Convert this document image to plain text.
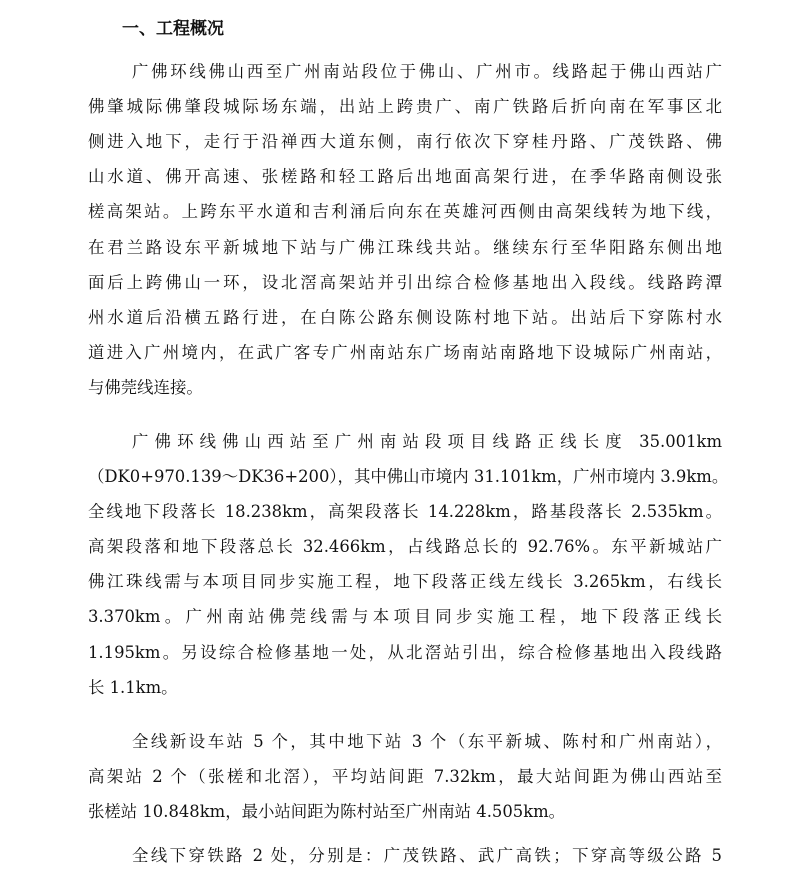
一、工程概况
广佛环线佛山西至广州南站段位于佛山、广州市。线路起于佛山西站广
佛肇城际佛肇段城际场东端，出站上跨贵广、南广铁路后折向南在军事区北
侧进入地下，走行于沿禅西大道东侧，南行依次下穿桂丹路、广茂铁路、佛
山水道、佛开高速、张槎路和轻工路后出地面高架行进，在季华路南侧设张
槎高架站。上跨东平水道和吉利涌后向东在英雄河西侧由高架线转为地下线，
在君兰路设东平新城地下站与广佛江珠线共站。继续东行至华阳路东侧出地
面后上跨佛山一环，设北滘高架站并引出综合检修基地出入段线。线路跨潭
州水道后沿横五路行进，在白陈公路东侧设陈村地下站。出站后下穿陈村水
道进入广州境内，在武广客专广州南站东广场南站南路地下设城际广州南站，
与佛莞线连接。
广佛环线佛山西站至广州南站段项目线路正线长度 35.001km
（DK0+970.139～DK36+200），其中佛山市境内 31.101km，广州市境内 3.9km。
全线地下段落长 18.238km，高架段落长 14.228km，路基段落长 2.535km。
高架段落和地下段落总长 32.466km，占线路总长的 92.76%。东平新城站广
佛江珠线需与本项目同步实施工程，地下段落正线左线长 3.265km，右线长
3.370km。广州南站佛莞线需与本项目同步实施工程，地下段落正线长
1.195km。另设综合检修基地一处，从北滘站引出，综合检修基地出入段线路
长 1.1km。
全线新设车站 5 个，其中地下站 3 个（东平新城、陈村和广州南站），
高架站 2 个（张槎和北滘），平均站间距 7.32km，最大站间距为佛山西站至
张槎站 10.848km，最小站间距为陈村站至广州南站 4.505km。
全线下穿铁路 2 处，分别是：广茂铁路、武广高铁；下穿高等级公路 5
